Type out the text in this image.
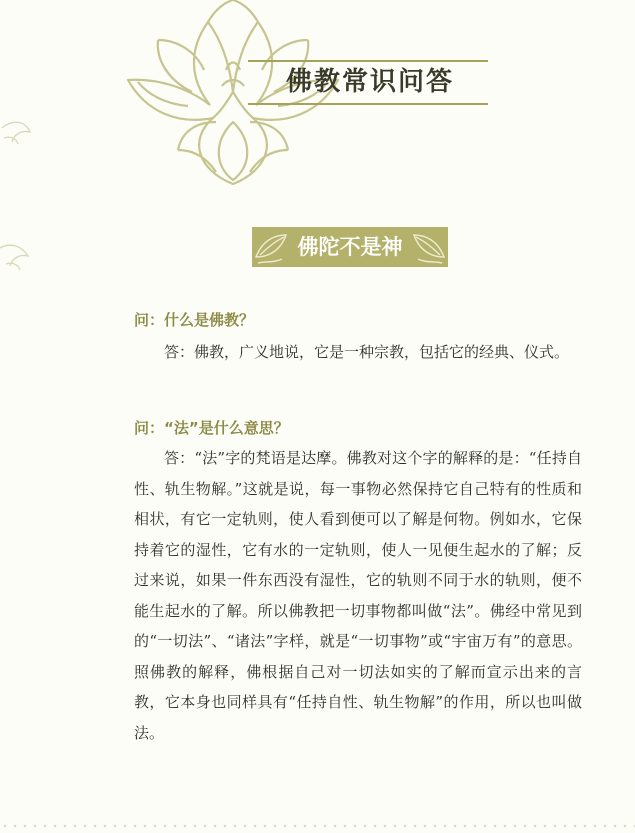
佛教常识问答
佛陀不是神
问：什么是佛教？
答：佛教，广义地说，它是一种宗教，包括它的经典、仪式。
问：“法”是什么意思？
答：“法”字的梵语是达摩。佛教对这个字的解释的是：“任持自性、轨生物解。”这就是说，每一事物必然保持它自己特有的性质和相状，有它一定轨则，使人看到便可以了解是何物。例如水，它保持着它的湿性，它有水的一定轨则，使人一见便生起水的了解；反过来说，如果一件东西没有湿性，它的轨则不同于水的轨则，便不能生起水的了解。所以佛教把一切事物都叫做“法”。佛经中常见到的“一切法”、“诸法”字样，就是“一切事物”或“宇宙万有”的意思。照佛教的解释，佛根据自己对一切法如实的了解而宣示出来的言教，它本身也同样具有“任持自性、轨生物解”的作用，所以也叫做法。
